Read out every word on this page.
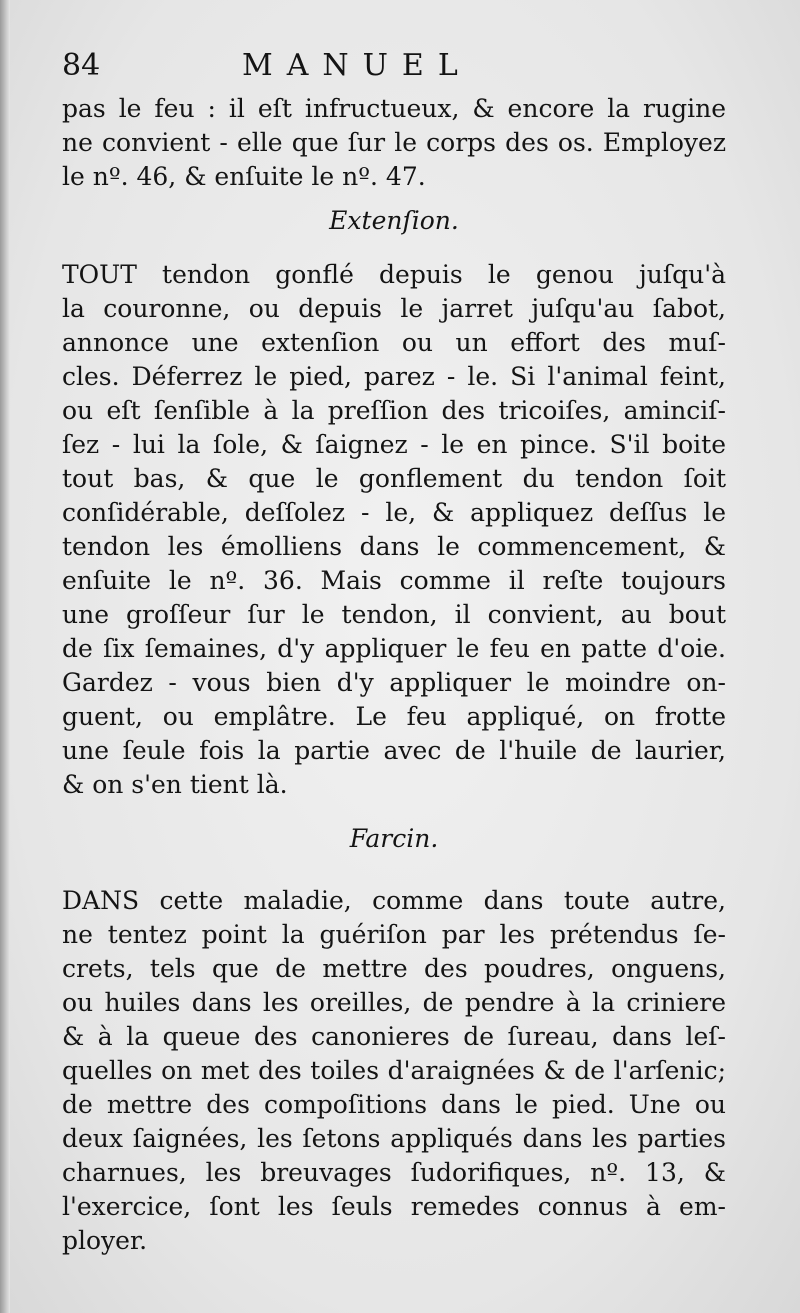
84	MANUEL
pas le feu : il eſt infructueux, & encore la rugine
ne convient - elle que ſur le corps des os. Employez
le nº. 46, & enſuite le nº. 47.
Extenſion.
TOUT tendon gonflé depuis le genou juſqu'à
la couronne, ou depuis le jarret juſqu'au ſabot,
annonce une extenſion ou un effort des muſ-
cles. Déferrez le pied, parez - le. Si l'animal feint,
ou eſt ſenſible à la preſſion des tricoiſes, aminciſ-
ſez - lui la ſole, & ſaignez - le en pince. S'il boite
tout bas, & que le gonflement du tendon ſoit
conſidérable, deſſolez - le, & appliquez deſſus le
tendon les émolliens dans le commencement, &
enſuite le nº. 36. Mais comme il reſte toujours
une groſſeur ſur le tendon, il convient, au bout
de ſix ſemaines, d'y appliquer le feu en patte d'oie.
Gardez - vous bien d'y appliquer le moindre on-
guent, ou emplâtre. Le feu appliqué, on frotte
une ſeule fois la partie avec de l'huile de laurier,
& on s'en tient là.
Farcin.
DANS cette maladie, comme dans toute autre,
ne tentez point la guériſon par les prétendus ſe-
crets, tels que de mettre des poudres, onguens,
ou huiles dans les oreilles, de pendre à la criniere
& à la queue des canonieres de ſureau, dans leſ-
quelles on met des toiles d'araignées & de l'arſenic;
de mettre des compoſitions dans le pied. Une ou
deux ſaignées, les ſetons appliqués dans les parties
charnues, les breuvages ſudorifiques, nº. 13, &
l'exercice, ſont les ſeuls remedes connus à em-
ployer.
